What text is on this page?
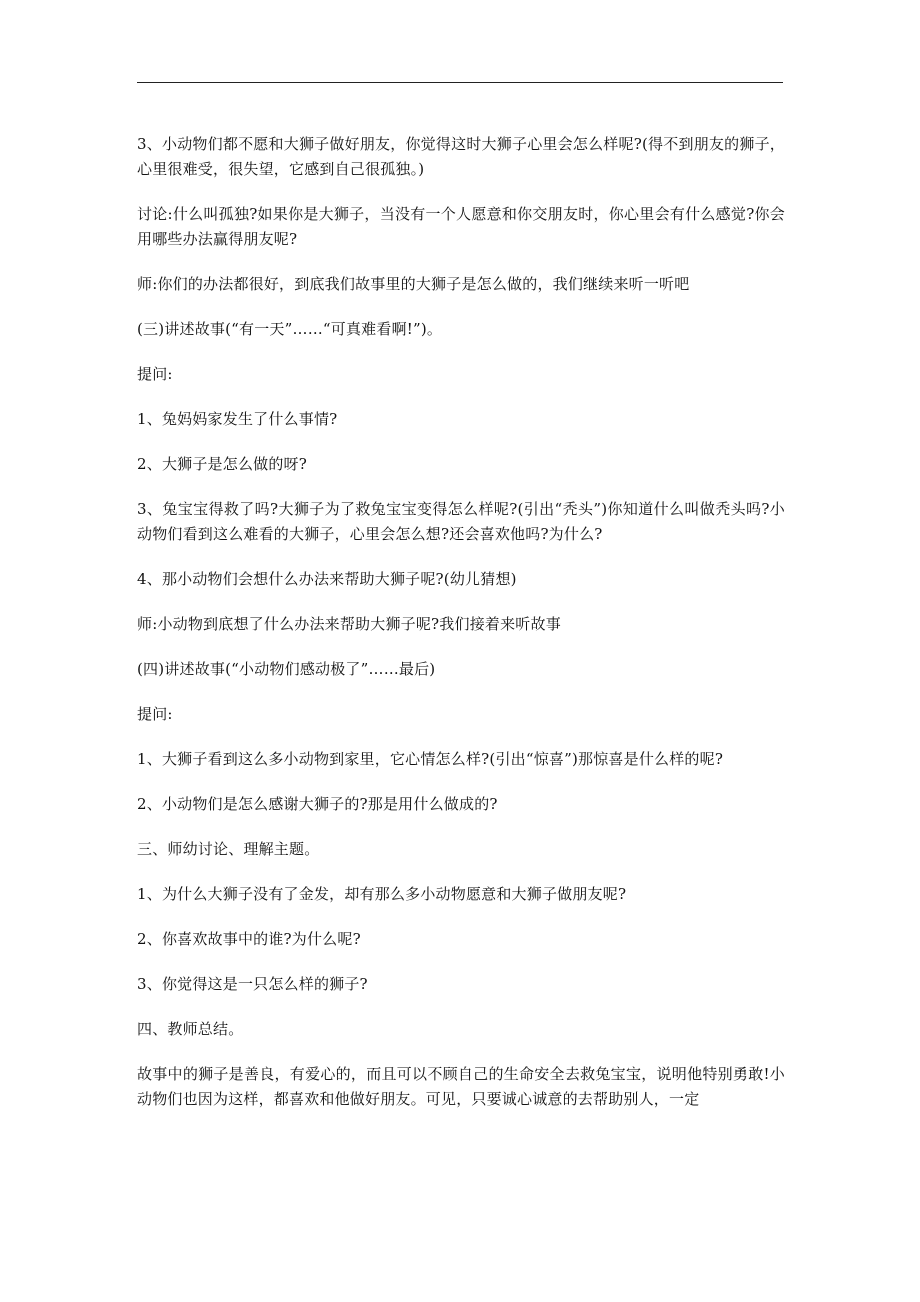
3、小动物们都不愿和大狮子做好朋友，你觉得这时大狮子心里会怎么样呢?(得不到朋友的狮子，心里很难受，很失望，它感到自己很孤独。)

讨论:什么叫孤独?如果你是大狮子，当没有一个人愿意和你交朋友时，你心里会有什么感觉?你会用哪些办法赢得朋友呢?

师:你们的办法都很好，到底我们故事里的大狮子是怎么做的，我们继续来听一听吧

(三)讲述故事(“有一天”……“可真难看啊!”)。

提问:

1、兔妈妈家发生了什么事情?

2、大狮子是怎么做的呀?

3、兔宝宝得救了吗?大狮子为了救兔宝宝变得怎么样呢?(引出“秃头”)你知道什么叫做秃头吗?小动物们看到这么难看的大狮子，心里会怎么想?还会喜欢他吗?为什么?

4、那小动物们会想什么办法来帮助大狮子呢?(幼儿猜想)

师:小动物到底想了什么办法来帮助大狮子呢?我们接着来听故事

(四)讲述故事(“小动物们感动极了”……最后)

提问:

1、大狮子看到这么多小动物到家里，它心情怎么样?(引出“惊喜”)那惊喜是什么样的呢?

2、小动物们是怎么感谢大狮子的?那是用什么做成的?

三、师幼讨论、理解主题。

1、为什么大狮子没有了金发，却有那么多小动物愿意和大狮子做朋友呢?

2、你喜欢故事中的谁?为什么呢?

3、你觉得这是一只怎么样的狮子?

四、教师总结。

故事中的狮子是善良，有爱心的，而且可以不顾自己的生命安全去救兔宝宝，说明他特别勇敢!小动物们也因为这样，都喜欢和他做好朋友。可见，只要诚心诚意的去帮助别人，一定
